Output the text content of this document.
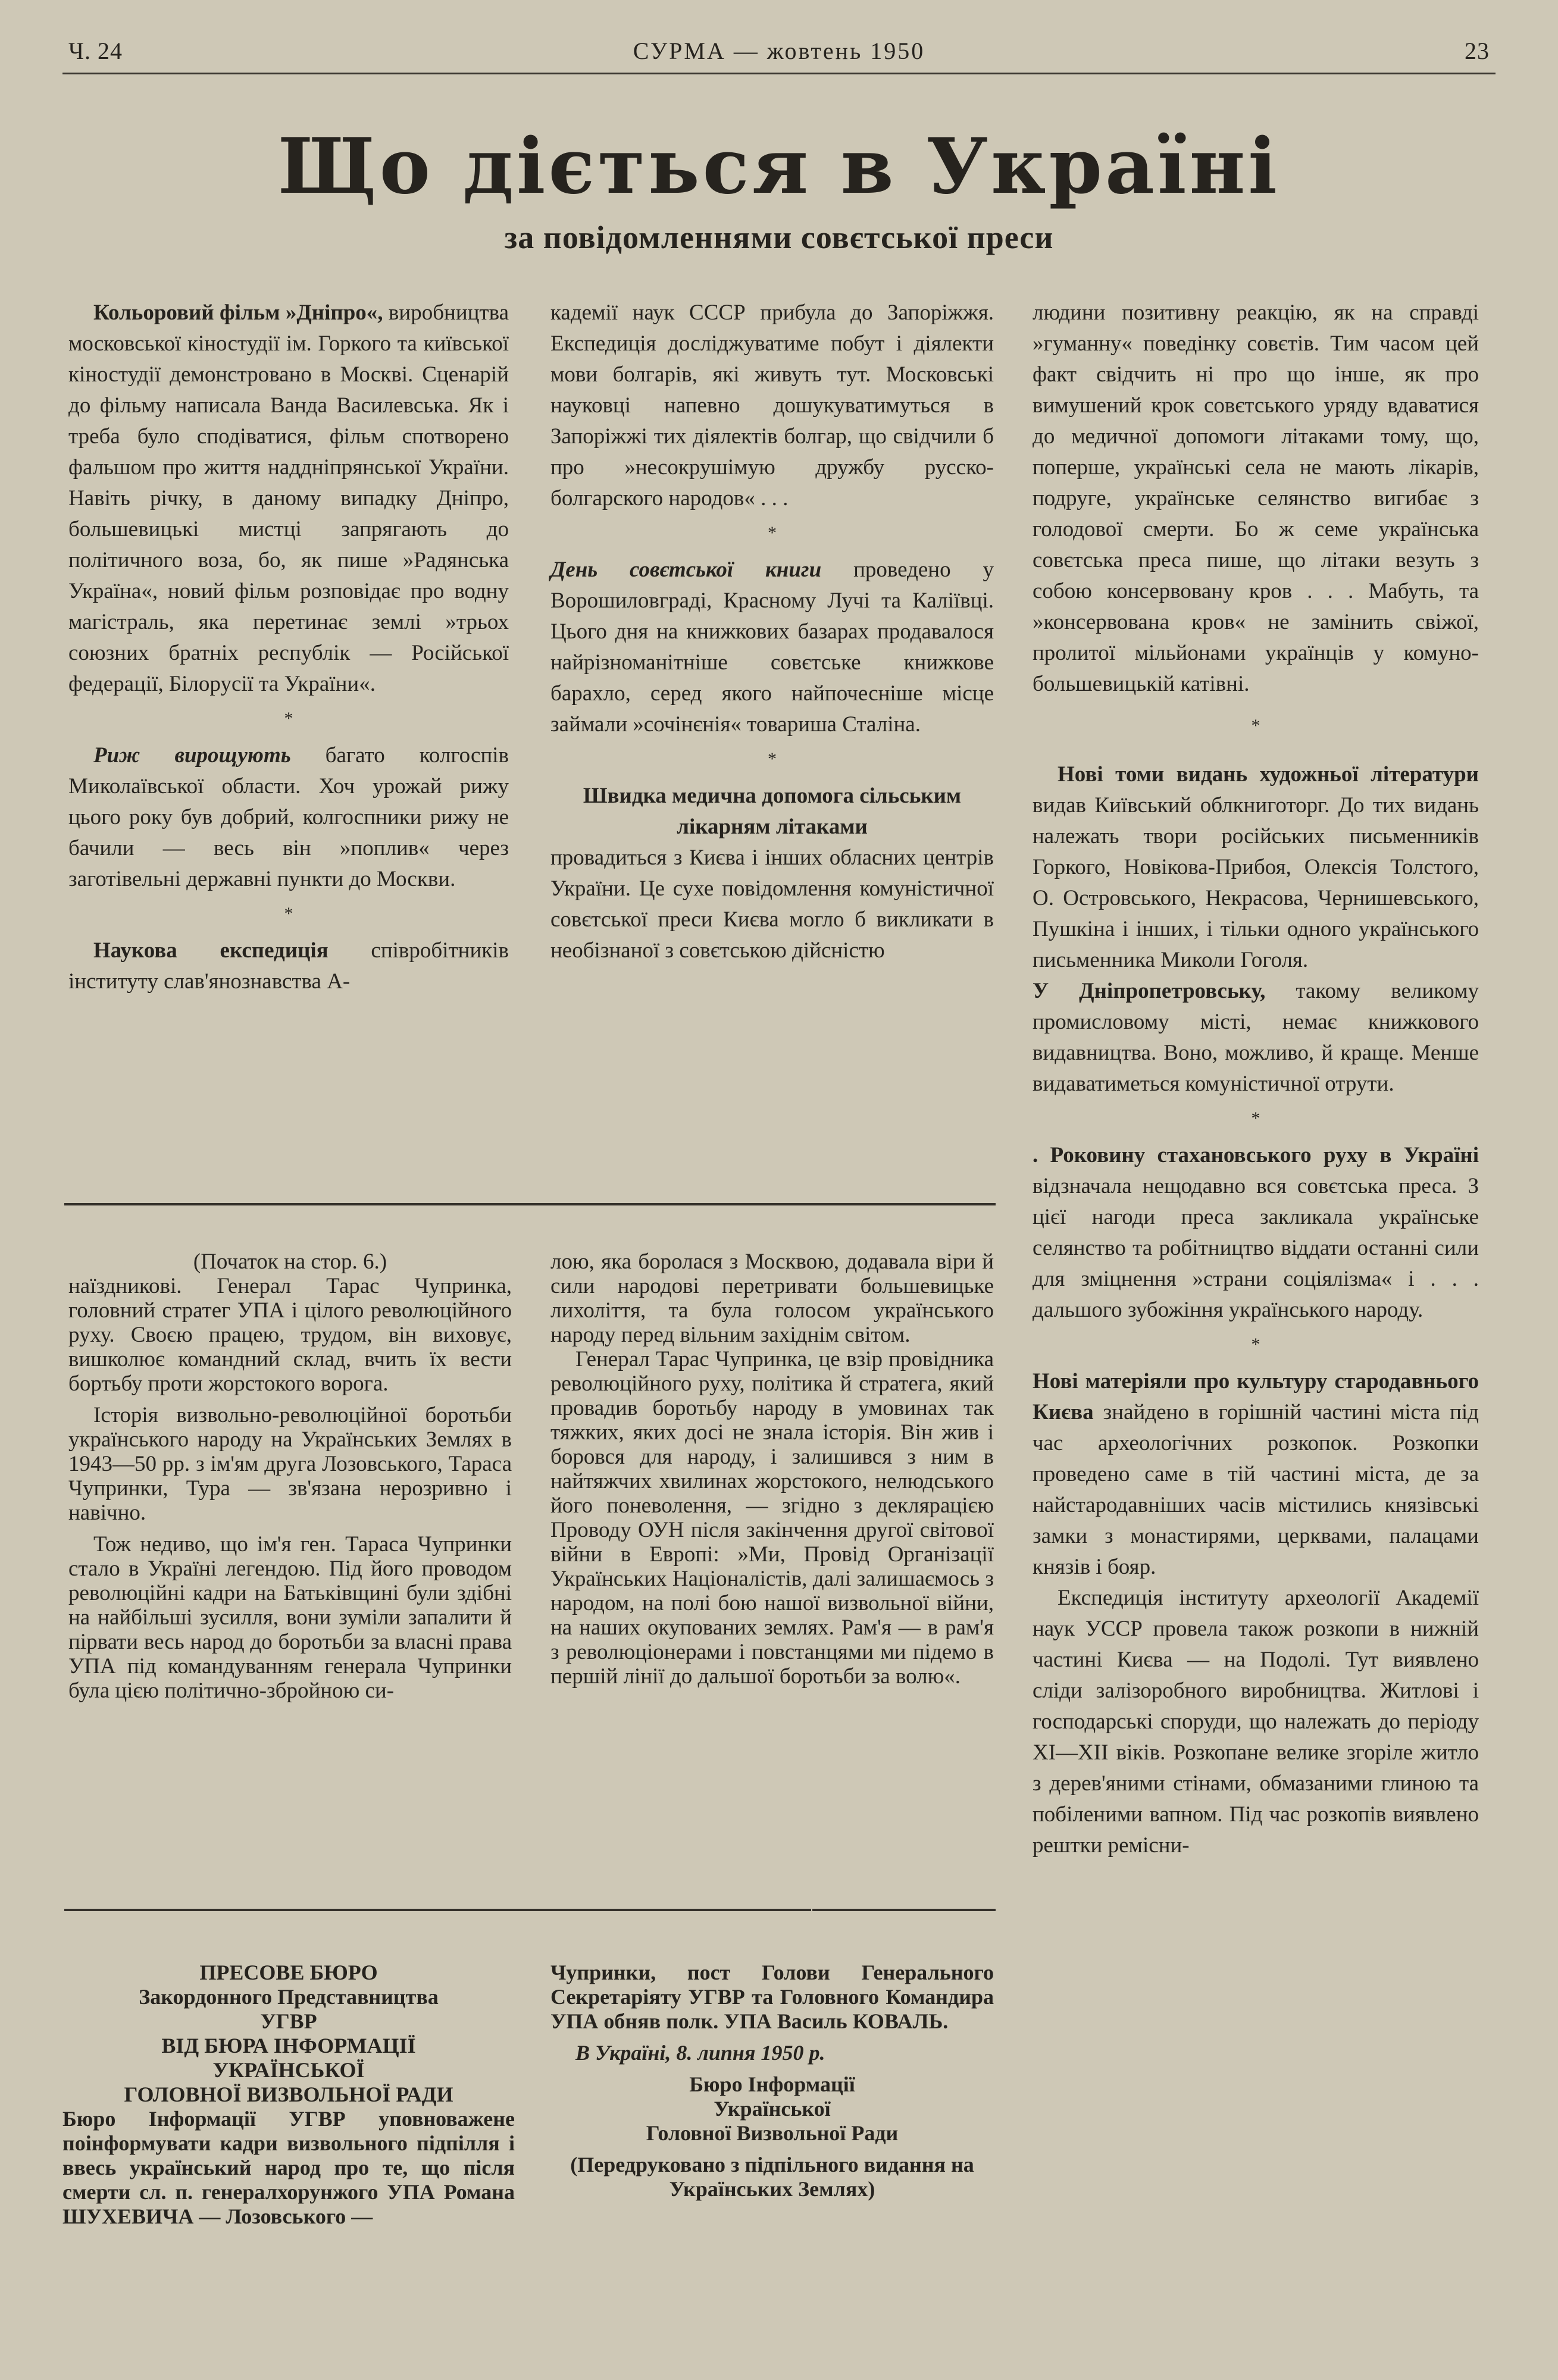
Ч. 24	СУРМА — жовтень 1950	23
Що діється в Україні
за повідомленнями совєтської преси

Кольоровий фільм »Дніпро«, виробництва московської кіностудії ім. Горкого та київської кіностудії демонстровано в Москві. Сценарій до фільму написала Ванда Василевська. Як і треба було сподіватися, фільм спотворено фальшом про життя наддніпрянської України. Навіть річку, в даному випадку Дніпро, большевицькі мистці запрягають до політичного воза, бо, як пише »Радянська Україна«, новий фільм розповідає про водну магістраль, яка перетинає землі »трьох союзних братніх республік — Російської федерації, Білорусії та України«.

*

Риж вирощують багато колгоспів Миколаївської области. Хоч урожай рижу цього року був добрий, колгоспники рижу не бачили — весь він »поплив« через заготівельні державні пункти до Москви.

*

Наукова експедиція співробітників інституту слав'янознавства А-

кадемії наук СССР прибула до Запоріжжя. Експедиція досліджуватиме побут і діялекти мови болгарів, які живуть тут. Московські науковці напевно дошукуватимуться в Запоріжжі тих діялектів болгар, що свідчили б про »несокрушімую дружбу русско-болгарского народов« . . .

*

День совєтської книги проведено у Ворошиловграді, Красному Лучі та Каліївці. Цього дня на книжкових базарах продавалося найрізноманітніше совєтське книжкове барахло, серед якого найпочесніше місце займали »сочінєнія« товариша Сталіна.

*

Швидка медична допомога сільським лікарням літаками

провадиться з Києва і інших обласних центрів України. Це сухе повідомлення комуністичної совєтської преси Києва могло б викликати в необізнаної з совєтською дійсністю

людини позитивну реакцію, як на справді »гуманну« поведінку совєтів. Тим часом цей факт свідчить ні про що інше, як про вимушений крок совєтського уряду вдаватися до медичної допомоги літаками тому, що, поперше, українські села не мають лікарів, подруге, українське селянство вигибає з голодової смерти. Бо ж семе українська совєтська преса пише, що літаки везуть з собою консервовану кров . . . Мабуть, та »консервована кров« не замінить свіжої, пролитої мільйонами українців у комуно-большевицькій катівні.

*

Нові томи видань художньої літератури видав Київський облкниготорг. До тих видань належать твори російських письменників Горкого, Новікова-Прибоя, Олексія Толстого, О. Островського, Некрасова, Чернишевського, Пушкіна і інших, і тільки одного українського письменника Миколи Гоголя.

У Дніпропетровську, такому великому промисловому місті, немає книжкового видавництва. Воно, можливо, й краще. Менше видаватиметься комуністичної отрути.

*

. Роковину стахановського руху в Україні відзначала нещодавно вся совєтська преса. З цієї нагоди преса закликала українське селянство та робітництво віддати останні сили для зміцнення »страни соціялізма« і . . . дальшого зубожіння українського народу.

*

Нові матеріяли про культуру стародавнього Києва знайдено в горішній частині міста під час археологічних розкопок. Розкопки проведено саме в тій частині міста, де за найстародавніших часів містились князівські замки з монастирями, церквами, палацами князів і бояр.

Експедиція інституту археології Академії наук УССР провела також розкопи в нижній частині Києва — на Подолі. Тут виявлено сліди залізоробного виробництва. Житлові і господарські споруди, що належать до періоду XI—XII віків. Розкопане велике згоріле житло з дерев'яними стінами, обмазаними глиною та побіленими вапном. Під час розкопів виявлено рештки ремісни-

(Початок на стор. 6.)

наїздникові. Генерал Тарас Чупринка, головний стратег УПА і цілого революційного руху. Своєю працею, трудом, він виховує, вишколює командний склад, вчить їх вести бортьбу проти жорстокого ворога.

Історія визвольно-революційної боротьби українського народу на Українських Землях в 1943—50 рр. з ім'ям друга Лозовського, Тараса Чупринки, Тура — зв'язана нерозривно і навічно.

Тож недиво, що ім'я ген. Тараса Чупринки стало в Україні легендою. Під його проводом революційні кадри на Батьківщині були здібні на найбільші зусилля, вони зуміли запалити й пірвати весь народ до боротьби за власні права УПА під командуванням генерала Чупринки була цією політично-збройною си-

лою, яка боролася з Москвою, додавала віри й сили народові перетривати большевицьке лихоліття, та була голосом українського народу перед вільним західнім світом.

Генерал Тарас Чупринка, це взір провідника революційного руху, політика й стратега, який провадив боротьбу народу в умовинах так тяжких, яких досі не знала історія. Він жив і боровся для народу, і залишився з ним в найтяжчих хвилинах жорстокого, нелюдського його поневолення, — згідно з деклярацією Проводу ОУН після закінчення другої світової війни в Европі: »Ми, Провід Організації Українських Націоналістів, далі залишаємось з народом, на полі бою нашої визвольної війни, на наших окупованих землях. Рам'я — в рам'я з революціонерами і повстанцями ми підемо в першій лінії до дальшої боротьби за волю«.

ПРЕСОВЕ БЮРО

Закордонного Представництва

УГВР

ВІД БЮРА ІНФОРМАЦІЇ

УКРАЇНСЬКОЇ

ГОЛОВНОЇ ВИЗВОЛЬНОЇ РАДИ

Бюро Інформації УГВР уповноважене поінформувати кадри визвольного підпілля і ввесь український народ про те, що після смерти сл. п. генералхорунжого УПА Романа ШУХЕВИЧА — Лозовського —

Чупринки, пост Голови Генерального Секретаріяту УГВР та Головного Командира УПА обняв полк. УПА Василь КОВАЛЬ.

В Україні, 8. липня 1950 р.

Бюро Інформації

Української

Головної Визвольної Ради

(Передруковано з підпільного видання на Українських Землях)
